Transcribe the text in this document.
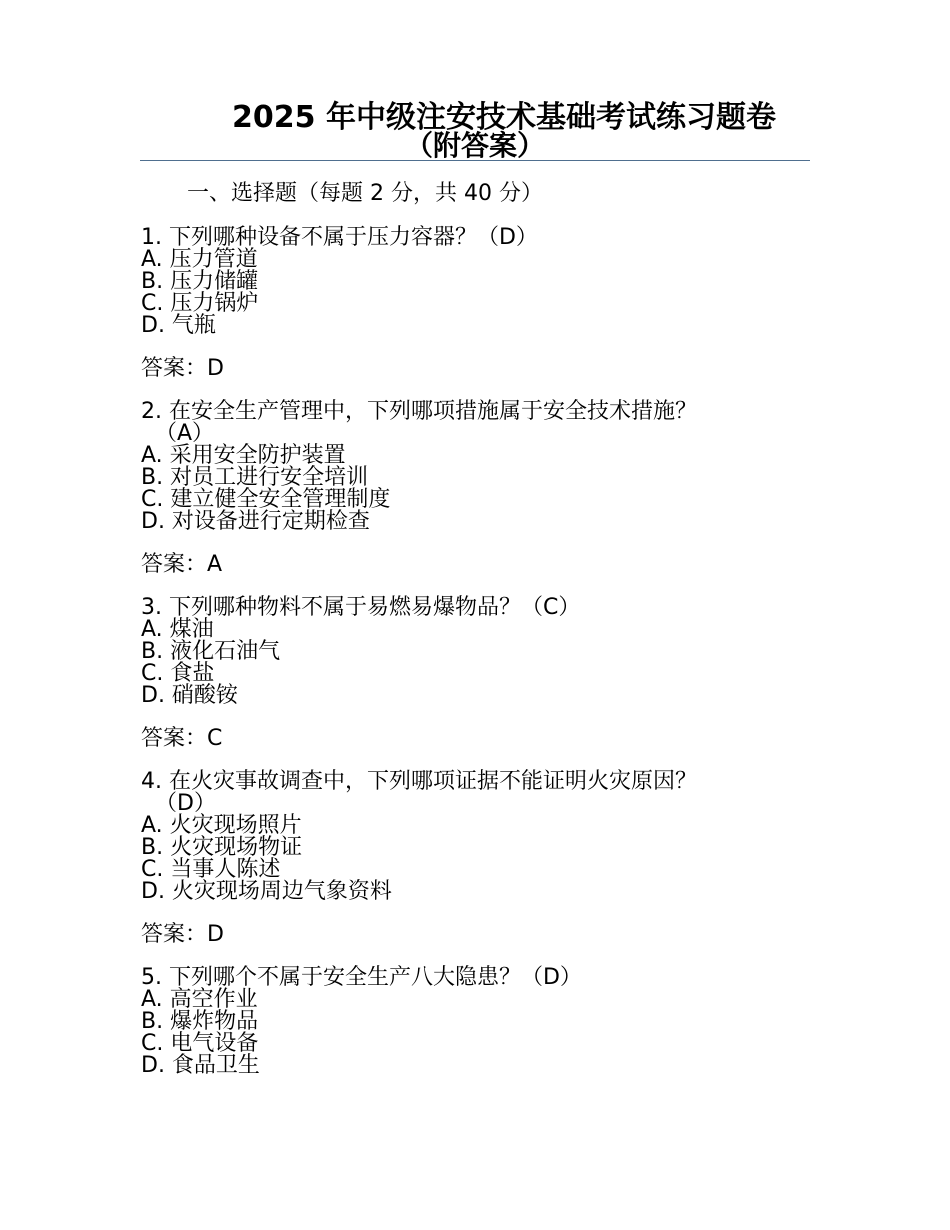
2025 年中级注安技术基础考试练习题卷
（附答案）
一、选择题（每题 2 分，共 40 分）
1. 下列哪种设备不属于压力容器？（D）
A. 压力管道
B. 压力储罐
C. 压力锅炉
D. 气瓶
答案：D
2. 在安全生产管理中，下列哪项措施属于安全技术措施？
（A）
A. 采用安全防护装置
B. 对员工进行安全培训
C. 建立健全安全管理制度
D. 对设备进行定期检查
答案：A
3. 下列哪种物料不属于易燃易爆物品？（C）
A. 煤油
B. 液化石油气
C. 食盐
D. 硝酸铵
答案：C
4. 在火灾事故调查中，下列哪项证据不能证明火灾原因？
（D）
A. 火灾现场照片
B. 火灾现场物证
C. 当事人陈述
D. 火灾现场周边气象资料
答案：D
5. 下列哪个不属于安全生产八大隐患？（D）
A. 高空作业
B. 爆炸物品
C. 电气设备
D. 食品卫生
